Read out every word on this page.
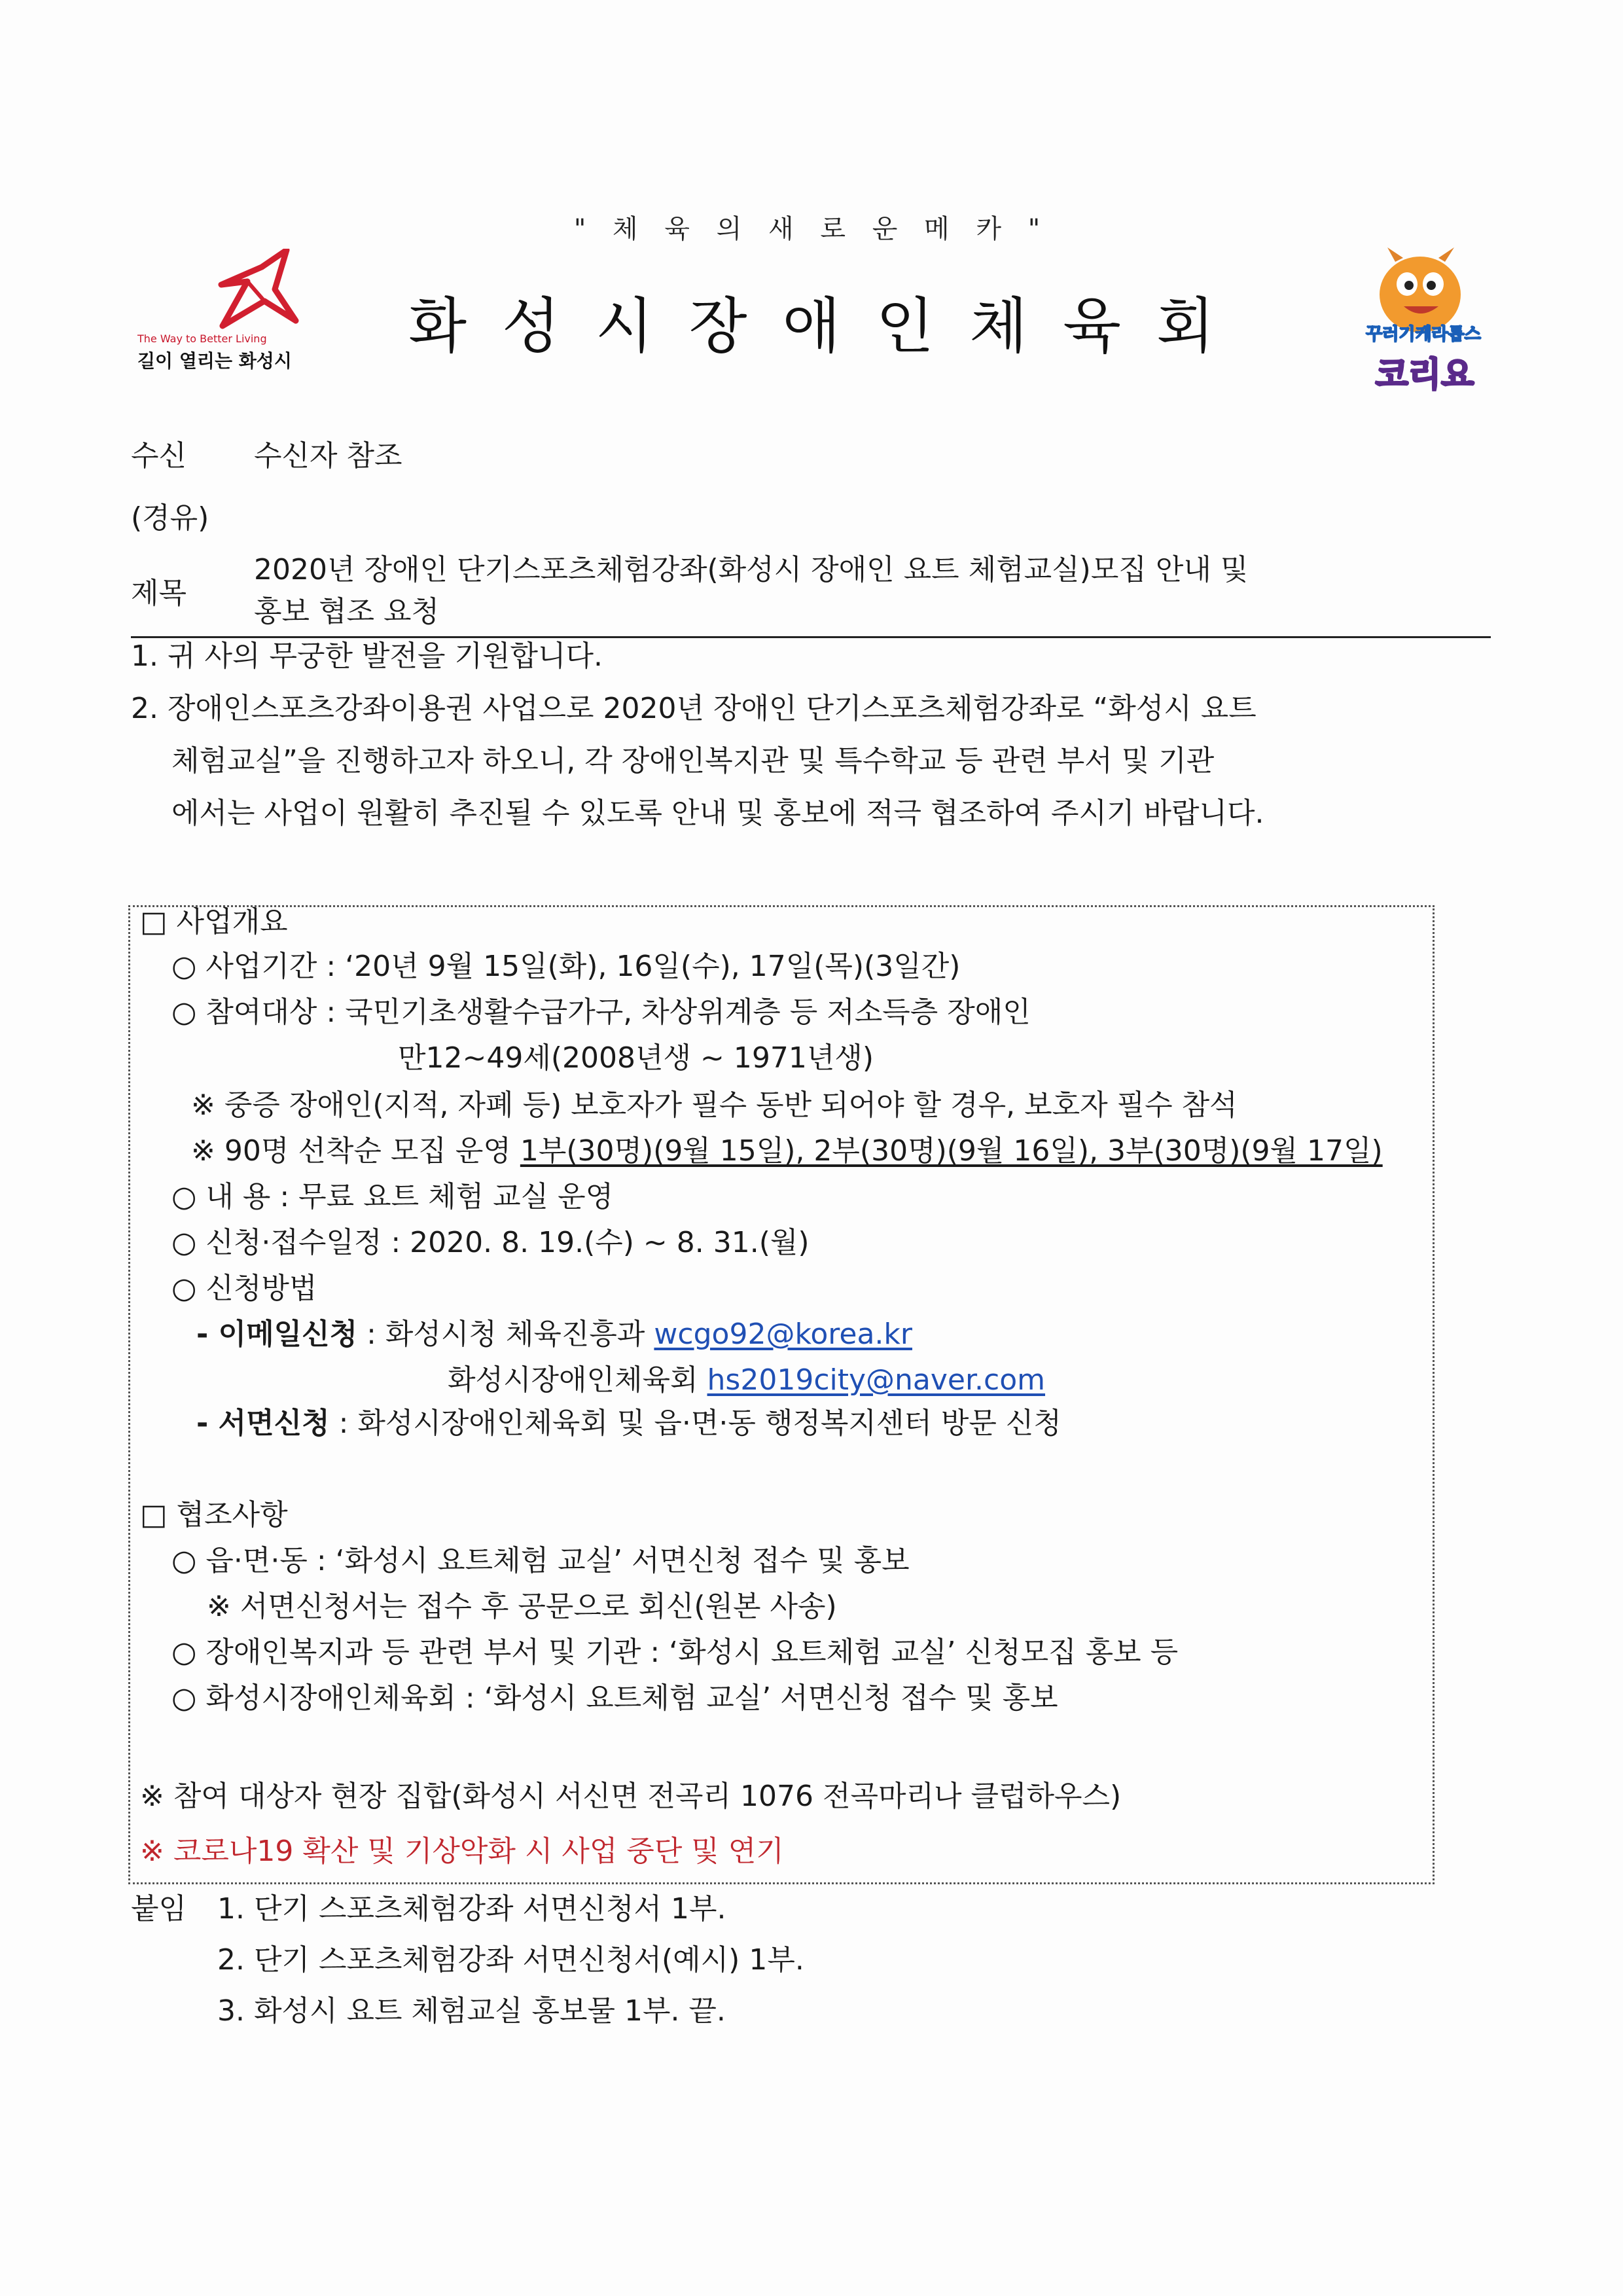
" 체 육 의 새 로 운 메 카 "
The Way to Better Living
길이 열리는 화성시	화성시장애인체육회	꾸러기케라톱스
코리요
수신 수신자 참조
(경유)
제목
2020년 장애인 단기스포츠체험강좌(화성시 장애인 요트 체험교실)모집 안내 및
홍보 협조 요청
1. 귀 사의 무궁한 발전을 기원합니다.
2. 장애인스포츠강좌이용권 사업으로 2020년 장애인 단기스포츠체험강좌로 “화성시 요트
체험교실”을 진행하고자 하오니, 각 장애인복지관 및 특수학교 등 관련 부서 및 기관
에서는 사업이 원활히 추진될 수 있도록 안내 및 홍보에 적극 협조하여 주시기 바랍니다.
□ 사업개요
○ 사업기간 : ‘20년 9월 15일(화), 16일(수), 17일(목)(3일간)
○ 참여대상 : 국민기초생활수급가구, 차상위계층 등 저소득층 장애인
만12~49세(2008년생 ~ 1971년생)
※ 중증 장애인(지적, 자폐 등) 보호자가 필수 동반 되어야 할 경우, 보호자 필수 참석
※ 90명 선착순 모집 운영 1부(30명)(9월 15일), 2부(30명)(9월 16일), 3부(30명)(9월 17일)
○ 내 용 : 무료 요트 체험 교실 운영
○ 신청·접수일정 : 2020. 8. 19.(수) ~ 8. 31.(월)
○ 신청방법
- 이메일신청 : 화성시청 체육진흥과 wcgo92@korea.kr
화성시장애인체육회 hs2019city@naver.com
- 서면신청 : 화성시장애인체육회 및 읍·면·동 행정복지센터 방문 신청
□ 협조사항
○ 읍·면·동 : ‘화성시 요트체험 교실’ 서면신청 접수 및 홍보
※ 서면신청서는 접수 후 공문으로 회신(원본 사송)
○ 장애인복지과 등 관련 부서 및 기관 : ‘화성시 요트체험 교실’ 신청모집 홍보 등
○ 화성시장애인체육회 : ‘화성시 요트체험 교실’ 서면신청 접수 및 홍보
※ 참여 대상자 현장 집합(화성시 서신면 전곡리 1076 전곡마리나 클럽하우스)
※ 코로나19 확산 및 기상악화 시 사업 중단 및 연기
붙임 1. 단기 스포츠체험강좌 서면신청서 1부.
2. 단기 스포츠체험강좌 서면신청서(예시) 1부.
3. 화성시 요트 체험교실 홍보물 1부. 끝.
